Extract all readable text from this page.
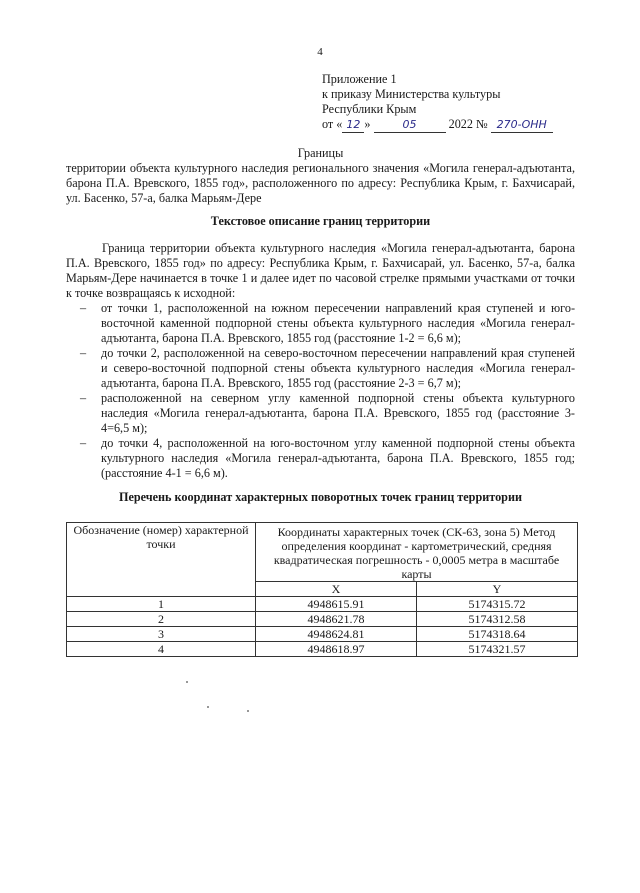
4
Приложение 1
к приказу Министерства культуры
Республики Крым
от « 12 »	05	2022 № 270-ОНН
Границы
территории объекта культурного наследия регионального значения «Могила генерал-адъютанта, барона П.А. Вревского, 1855 год», расположенного по адресу: Республика Крым, г. Бахчисарай, ул. Басенко, 57-а, балка Марьям-Дере
Текстовое описание границ территории

Граница территории объекта культурного наследия «Могила генерал-адъютанта, барона П.А. Вревского, 1855 год» по адресу: Республика Крым, г. Бахчисарай, ул. Басенко, 57-а, балка Марьям-Дере начинается в точке 1 и далее идет по часовой стрелке прямыми участками от точки к точке возвращаясь к исходной:

– от точки 1, расположенной на южном пересечении направлений края ступеней и юго-восточной каменной подпорной стены объекта культурного наследия «Могила генерал-адъютанта, барона П.А. Вревского, 1855 год (расстояние 1-2 = 6,6 м);
– до точки 2, расположенной на северо-восточном пересечении направлений края ступеней и северо-восточной подпорной стены объекта культурного наследия «Могила генерал-адъютанта, барона П.А. Вревского, 1855 год (расстояние 2-3 = 6,7 м);
– расположенной на северном углу каменной подпорной стены объекта культурного наследия «Могила генерал-адъютанта, барона П.А. Вревского, 1855 год (расстояние 3-4=6,5 м);
– до точки 4, расположенной на юго-восточном углу каменной подпорной стены объекта культурного наследия «Могила генерал-адъютанта, барона П.А. Вревского, 1855 год; (расстояние 4-1 = 6,6 м).
Перечень координат характерных поворотных точек границ территории
Обозначение (номер) характерной точки	Координаты характерных точек (СК-63, зона 5) Метод определения координат - картометрический, средняя квадратическая погрешность - 0,0005 метра в масштабе карты	
	X	Y
1	4948615.91	5174315.72
2	4948621.78	5174312.58
3	4948624.81	5174318.64
4	4948618.97	5174321.57
